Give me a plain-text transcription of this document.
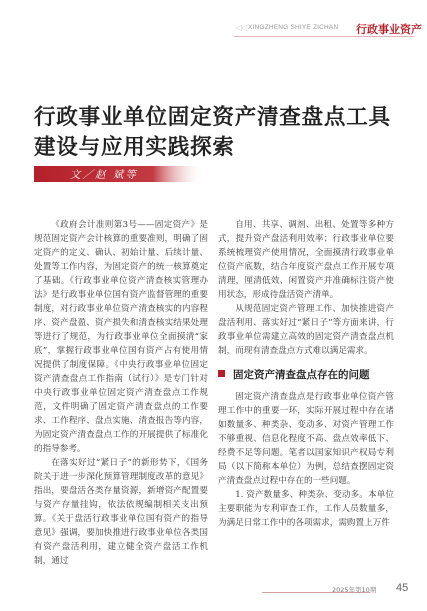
◁◁ XINGZHENG SHIYE ZICHAN 行政事业资产
行政事业单位固定资产清查盘点工具
建设与应用实践探索
文／赵 斌等

《政府会计准则第3号——固定资产》是规范固定资产会计核算的重要准则，明确了固定资产的定义、确认、初始计量、后续计量、处置等工作内容，为固定资产的统一核算奠定了基础。《行政事业单位资产清查核实管理办法》是行政事业单位国有资产监督管理的重要制度，对行政事业单位资产清查核实的内容程序、资产盘盈、资产损失和清查核实结果处理等进行了规范，为行政事业单位全面摸清“家底”，掌握行政事业单位国有资产占有使用情况提供了制度保障。《中央行政事业单位固定资产清查盘点工作指南（试行）》是专门针对中央行政事业单位固定资产清查盘点工作规范，文件明确了固定资产清查盘点的工作要求、工作程序、盘点实施、清查报告等内容，为固定资产清查盘点工作的开展提供了标准化的指导参考。

在落实好过“紧日子”的新形势下，《国务院关于进一步深化预算管理制度改革的意见》指出，要盘活各类存量资源，新增资产配置要与资产存量挂钩，依法依规编制相关支出预算。《关于盘活行政事业单位国有资产的指导意见》强调，要加快推进行政事业单位各类国有资产盘活利用，建立健全资产盘活工作机制，通过

自用、共享、调剂、出租、处置等多种方式，提升资产盘活利用效率；行政事业单位要系统梳理资产使用情况，全面摸清行政事业单位资产底数，结合年度资产盘点工作开展专项清理，厘清低效、闲置资产并准确标注资产使用状态，形成待盘活资产清单。

从规范固定资产管理工作、加快推进资产盘活利用、落实好过“紧日子”等方面来讲，行政事业单位需建立高效的固定资产清查盘点机制，而现有清查盘点方式难以满足需求。

固定资产清查盘点存在的问题

固定资产清查盘点是行政事业单位资产管理工作中的重要一环，实际开展过程中存在诸如数量多、种类杂、变动多、对资产管理工作不够重视、信息化程度不高、盘点效率低下、经费不足等问题。笔者以国家知识产权局专利局（以下简称本单位）为例，总结查摆固定资产清查盘点过程中存在的一些问题。

1. 资产数量多、种类杂、变动多。本单位主要职能为专利审查工作，工作人员数量多，为满足日常工作中的各项需求，需购置上万件

2025年第10期 45
